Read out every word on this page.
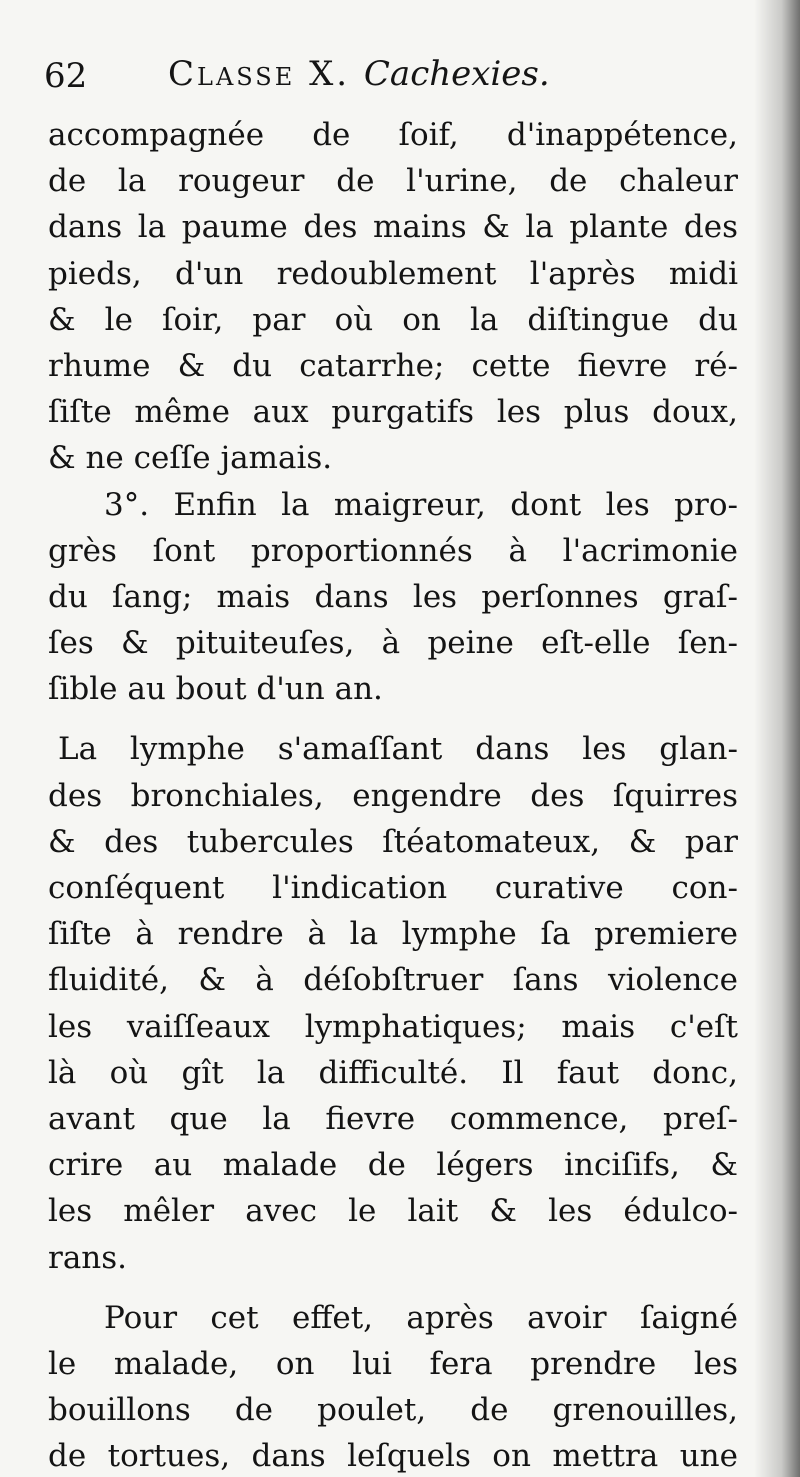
62 Classe X. Cachexies.
accompagnée de ſoif, d'inappétence,
de la rougeur de l'urine, de chaleur
dans la paume des mains & la plante des
pieds, d'un redoublement l'après midi
& le ſoir, par où on la diſtingue du
rhume & du catarrhe; cette fievre ré-
ſiſte même aux purgatifs les plus doux,
& ne ceſſe jamais.
3°. Enfin la maigreur, dont les pro-
grès ſont proportionnés à l'acrimonie
du ſang; mais dans les perſonnes graſ-
ſes & pituiteuſes, à peine eſt-elle ſen-
ſible au bout d'un an.
La lymphe s'amaſſant dans les glan-
des bronchiales, engendre des ſquirres
& des tubercules ſtéatomateux, & par
conſéquent l'indication curative con-
ſiſte à rendre à la lymphe ſa premiere
fluidité, & à déſobſtruer ſans violence
les vaiſſeaux lymphatiques; mais c'eſt
là où gît la difficulté. Il faut donc,
avant que la fievre commence, preſ-
crire au malade de légers inciſifs, &
les mêler avec le lait & les édulco-
rans.
Pour cet effet, après avoir ſaigné
le malade, on lui fera prendre les
bouillons de poulet, de grenouilles,
de tortues, dans leſquels on mettra une
